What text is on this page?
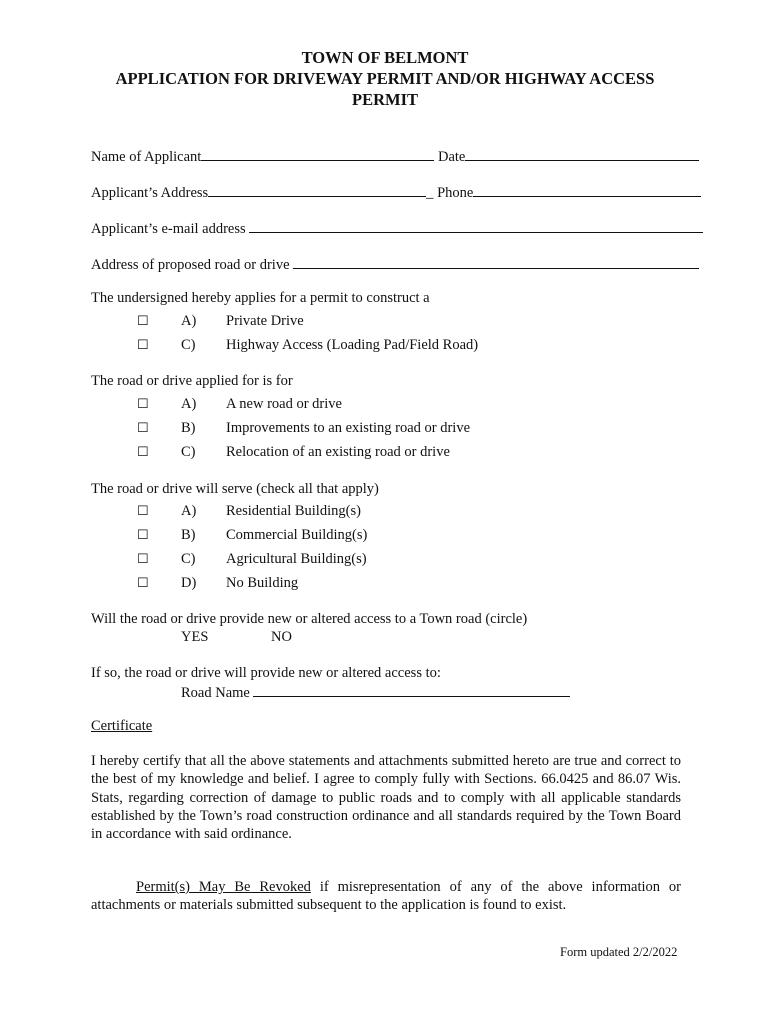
TOWN OF BELMONT
APPLICATION FOR DRIVEWAY PERMIT AND/OR HIGHWAY ACCESS
PERMIT
Name of Applicant	Date
Applicant’s Address	_ Phone
Applicant’s e-mail address
Address of proposed road or drive
The undersigned hereby applies for a permit to construct a
☐ A) Private Drive
☐ C) Highway Access (Loading Pad/Field Road)
The road or drive applied for is for
☐ A) A new road or drive
☐ B) Improvements to an existing road or drive
☐ C) Relocation of an existing road or drive
The road or drive will serve (check all that apply)
☐ A) Residential Building(s)
☐ B) Commercial Building(s)
☐ C) Agricultural Building(s)
☐ D) No Building
Will the road or drive provide new or altered access to a Town road (circle)
YES	NO
If so, the road or drive will provide new or altered access to:
Road Name
Certificate
I hereby certify that all the above statements and attachments submitted hereto are true and correct to the best of my knowledge and belief. I agree to comply fully with Sections. 66.0425 and 86.07 Wis. Stats, regarding correction of damage to public roads and to comply with all applicable standards established by the Town’s road construction ordinance and all standards required by the Town Board in accordance with said ordinance.
Permit(s) May Be Revoked if misrepresentation of any of the above information or attachments or materials submitted subsequent to the application is found to exist.
Form updated 2/2/2022
